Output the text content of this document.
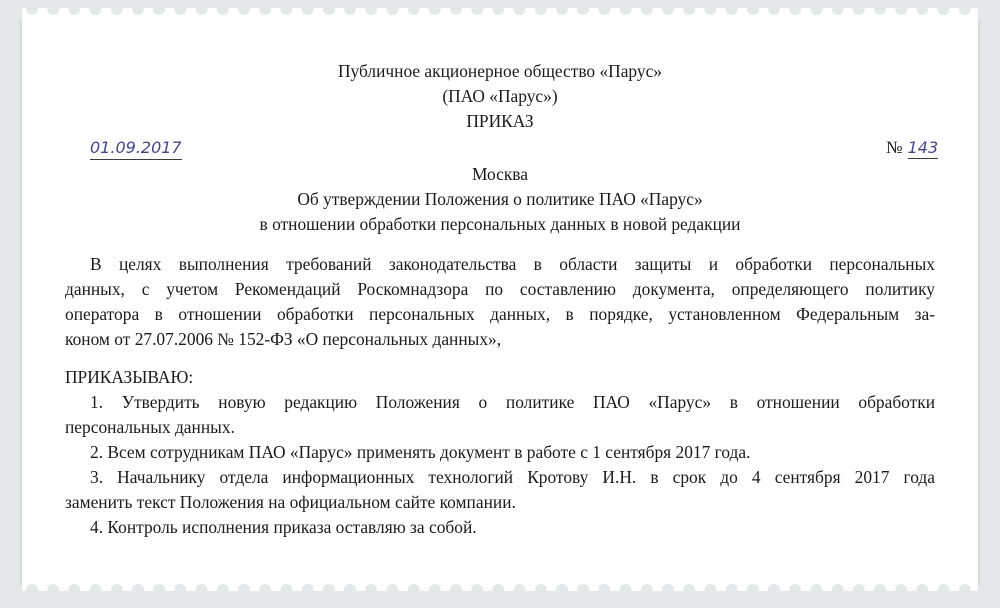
Публичное акционерное общество «Парус»
(ПАО «Парус»)
ПРИКАЗ
01.09.2017	№ 143
Москва
Об утверждении Положения о политике ПАО «Парус»
в отношении обработки персональных данных в новой редакции
В целях выполнения требований законодательства в области защиты и обработки персональных
данных, с учетом Рекомендаций Роскомнадзора по составлению документа, определяющего политику
оператора в отношении обработки персональных данных, в порядке, установленном Федеральным за-
коном от 27.07.2006 № 152-ФЗ «О персональных данных»,
ПРИКАЗЫВАЮ:
1. Утвердить новую редакцию Положения о политике ПАО «Парус» в отношении обработки
персональных данных.
2. Всем сотрудникам ПАО «Парус» применять документ в работе с 1 сентября 2017 года.
3. Начальнику отдела информационных технологий Кротову И.Н. в срок до 4 сентября 2017 года
заменить текст Положения на официальном сайте компании.
4. Контроль исполнения приказа оставляю за собой.
